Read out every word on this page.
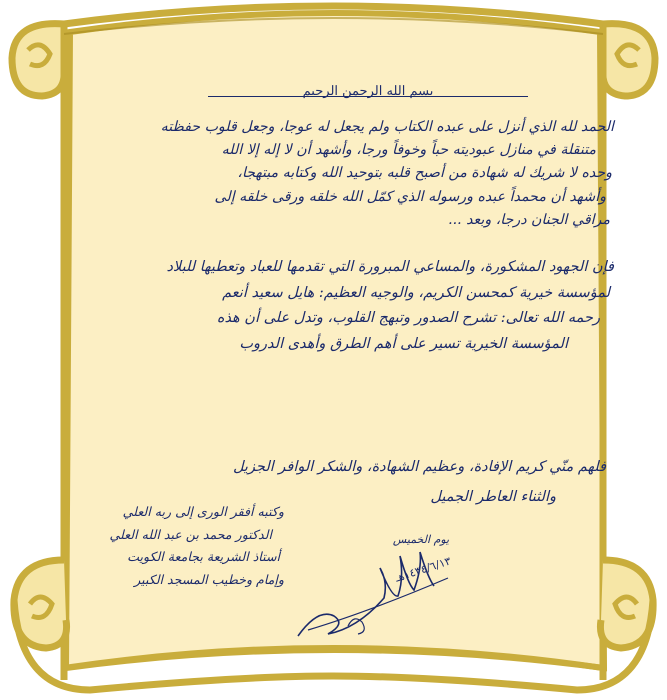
بسم الله الرحمن الرحيم
الحمد لله الذي أنزل على عبده الكتاب ولم يجعل له عوجا، وجعل قلوب حفظته
متنقلة في منازل عبوديته حباً وخوفاً ورجا، وأشهد أن لا إله إلا الله
وحده لا شريك له شهادة من أصبح قلبه بتوحيد الله وكتابه مبتهجا،
وأشهد أن محمداً عبده ورسوله الذي كمّل الله خلقه ورقى خلقه إلى
مراقي الجنان درجا، وبعد ...
فإن الجهود المشكورة، والمساعي المبرورة التي تقدمها للعباد وتعطيها للبلاد
لمؤسسة خيرية كمحسن الكريم، والوجيه العظيم: هايل سعيد أنعم
رحمه الله تعالى: تشرح الصدور وتبهج القلوب، وتدل على أن هذه
المؤسسة الخيرية تسير على أهم الطرق وأهدى الدروب
فلهم منّي كريم الإفادة، وعظيم الشهادة، والشكر الوافر الجزيل
والثناء العاطر الجميل
وكتبه أفقر الورى إلى ربه العلي
الدكتور محمد بن عبد الله العلي
أستاذ الشريعة بجامعة الكويت
وإمام وخطيب المسجد الكبير
يوم الخميس
١٤٣٤/٦/١٣هـ
